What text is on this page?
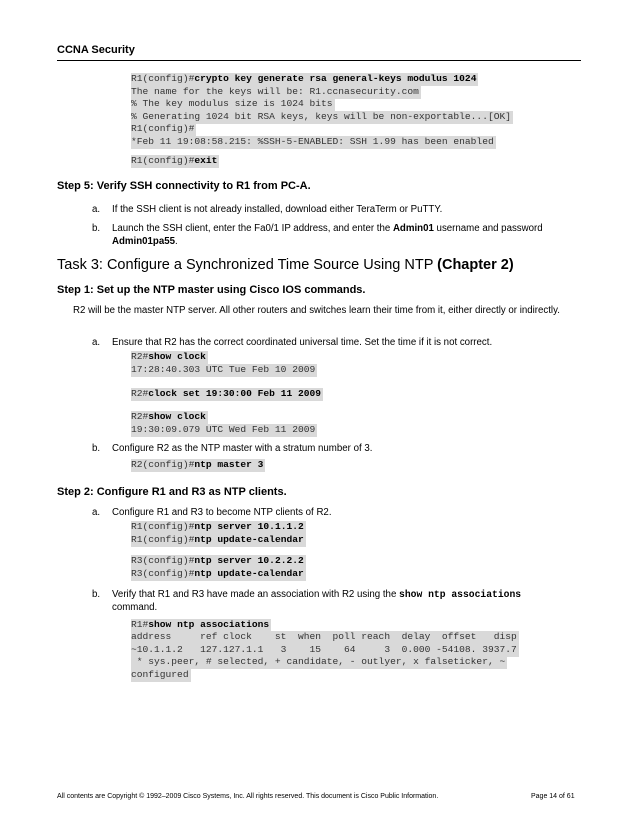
CCNA Security
R1(config)#crypto key generate rsa general-keys modulus 1024
The name for the keys will be: R1.ccnasecurity.com
% The key modulus size is 1024 bits
% Generating 1024 bit RSA keys, keys will be non-exportable...[OK]
R1(config)#
*Feb 11 19:08:58.215: %SSH-5-ENABLED: SSH 1.99 has been enabled
R1(config)#exit
Step 5: Verify SSH connectivity to R1 from PC-A.
a. If the SSH client is not already installed, download either TeraTerm or PuTTY.
b. Launch the SSH client, enter the Fa0/1 IP address, and enter the Admin01 username and password Admin01pa55.
Task 3: Configure a Synchronized Time Source Using NTP (Chapter 2)
Step 1: Set up the NTP master using Cisco IOS commands.
R2 will be the master NTP server. All other routers and switches learn their time from it, either directly or indirectly.
a. Ensure that R2 has the correct coordinated universal time. Set the time if it is not correct.
R2#show clock
17:28:40.303 UTC Tue Feb 10 2009
R2#clock set 19:30:00 Feb 11 2009
R2#show clock
19:30:09.079 UTC Wed Feb 11 2009
b. Configure R2 as the NTP master with a stratum number of 3.
R2(config)#ntp master 3
Step 2: Configure R1 and R3 as NTP clients.
a. Configure R1 and R3 to become NTP clients of R2.
R1(config)#ntp server 10.1.1.2
R1(config)#ntp update-calendar
R3(config)#ntp server 10.2.2.2
R3(config)#ntp update-calendar
b. Verify that R1 and R3 have made an association with R2 using the show ntp associations
command.
R1#show ntp associations
address     ref clock    st  when  poll reach  delay  offset   disp
~10.1.1.2   127.127.1.1   3    15    64     3  0.000 -54108. 3937.7
* sys.peer, # selected, + candidate, - outlyer, x falseticker, ~
configured
All contents are Copyright © 1992–2009 Cisco Systems, Inc. All rights reserved. This document is Cisco Public Information.	Page 14 of 61
